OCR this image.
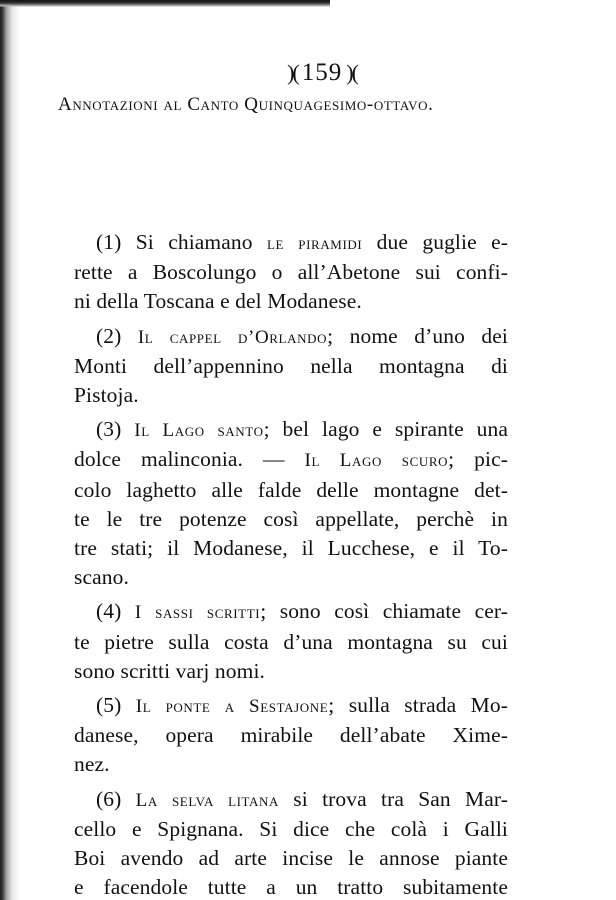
)( 159 )(
Annotazioni al Canto Quinquagesimo-ottavo.
(1) Si chiamano le piramidi due guglie e-
rette a Boscolungo o all’Abetone sui confi-
ni della Toscana e del Modanese.
(2) Il cappel d’Orlando; nome d’uno dei
Monti dell’appennino nella montagna di
Pistoja.
(3) Il Lago santo; bel lago e spirante una
dolce malinconia. — Il Lago scuro; pic-
colo laghetto alle falde delle montagne det-
te le tre potenze così appellate, perchè in
tre stati; il Modanese, il Lucchese, e il To-
scano.
(4) I sassi scritti; sono così chiamate cer-
te pietre sulla costa d’una montagna su cui
sono scritti varj nomi.
(5) Il ponte a Sestajone; sulla strada Mo-
danese, opera mirabile dell’abate Xime-
nez.
(6) La selva litana si trova tra San Mar-
cello e Spignana. Si dice che colà i Galli
Boi avendo ad arte incise le annose piante
e facendole tutte a un tratto subitamente
